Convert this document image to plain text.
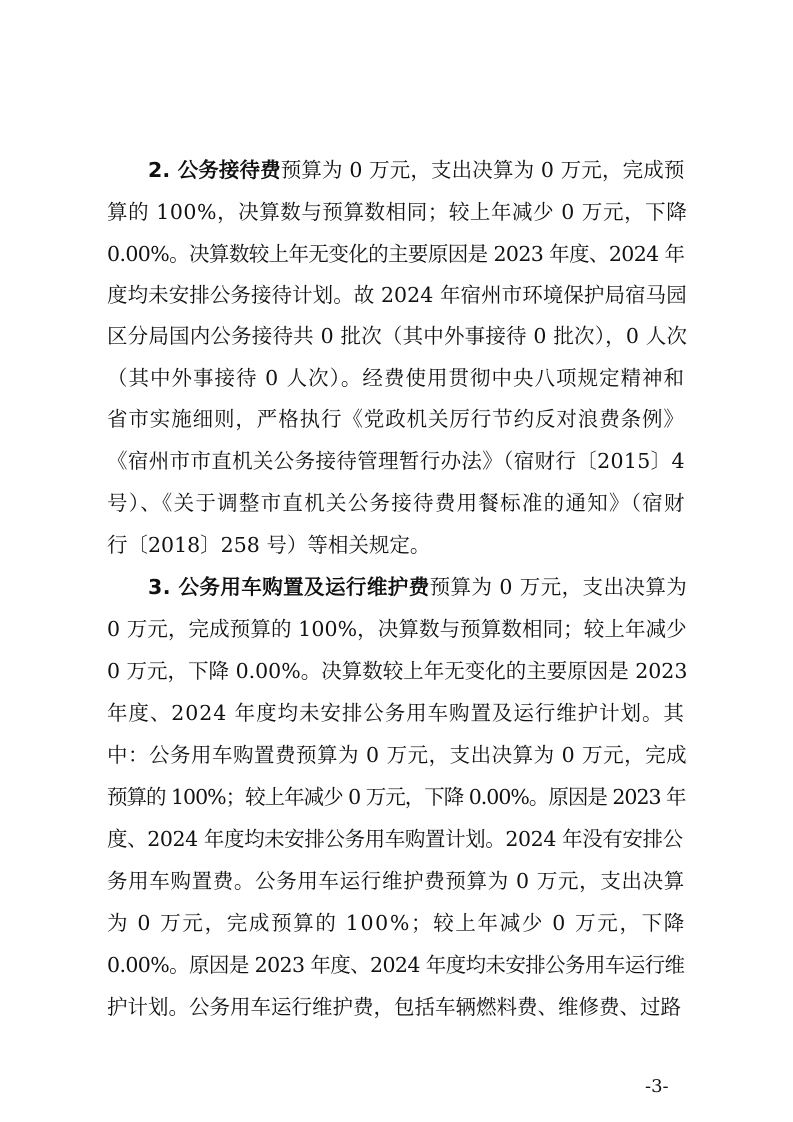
2. 公务接待费预算为 0 万元，支出决算为 0 万元，完成预
算的 100%，决算数与预算数相同；较上年减少 0 万元，下降
0.00%。决算数较上年无变化的主要原因是 2023 年度、2024 年
度均未安排公务接待计划。故 2024 年宿州市环境保护局宿马园
区分局国内公务接待共 0 批次（其中外事接待 0 批次），0 人次
（其中外事接待 0 人次）。经费使用贯彻中央八项规定精神和
省市实施细则，严格执行《党政机关厉行节约反对浪费条例》
《宿州市市直机关公务接待管理暂行办法》（宿财行〔2015〕4
号）、《关于调整市直机关公务接待费用餐标准的通知》（宿财
行〔2018〕258 号）等相关规定。
3. 公务用车购置及运行维护费预算为 0 万元，支出决算为
0 万元，完成预算的 100%，决算数与预算数相同；较上年减少
0 万元，下降 0.00%。决算数较上年无变化的主要原因是 2023
年度、2024 年度均未安排公务用车购置及运行维护计划。其
中：公务用车购置费预算为 0 万元，支出决算为 0 万元，完成
预算的 100%；较上年减少 0 万元，下降 0.00%。原因是 2023 年
度、2024 年度均未安排公务用车购置计划。2024 年没有安排公
务用车购置费。公务用车运行维护费预算为 0 万元，支出决算
为 0 万元，完成预算的 100%；较上年减少 0 万元，下降
0.00%。原因是 2023 年度、2024 年度均未安排公务用车运行维
护计划。公务用车运行维护费，包括车辆燃料费、维修费、过路
-3-
